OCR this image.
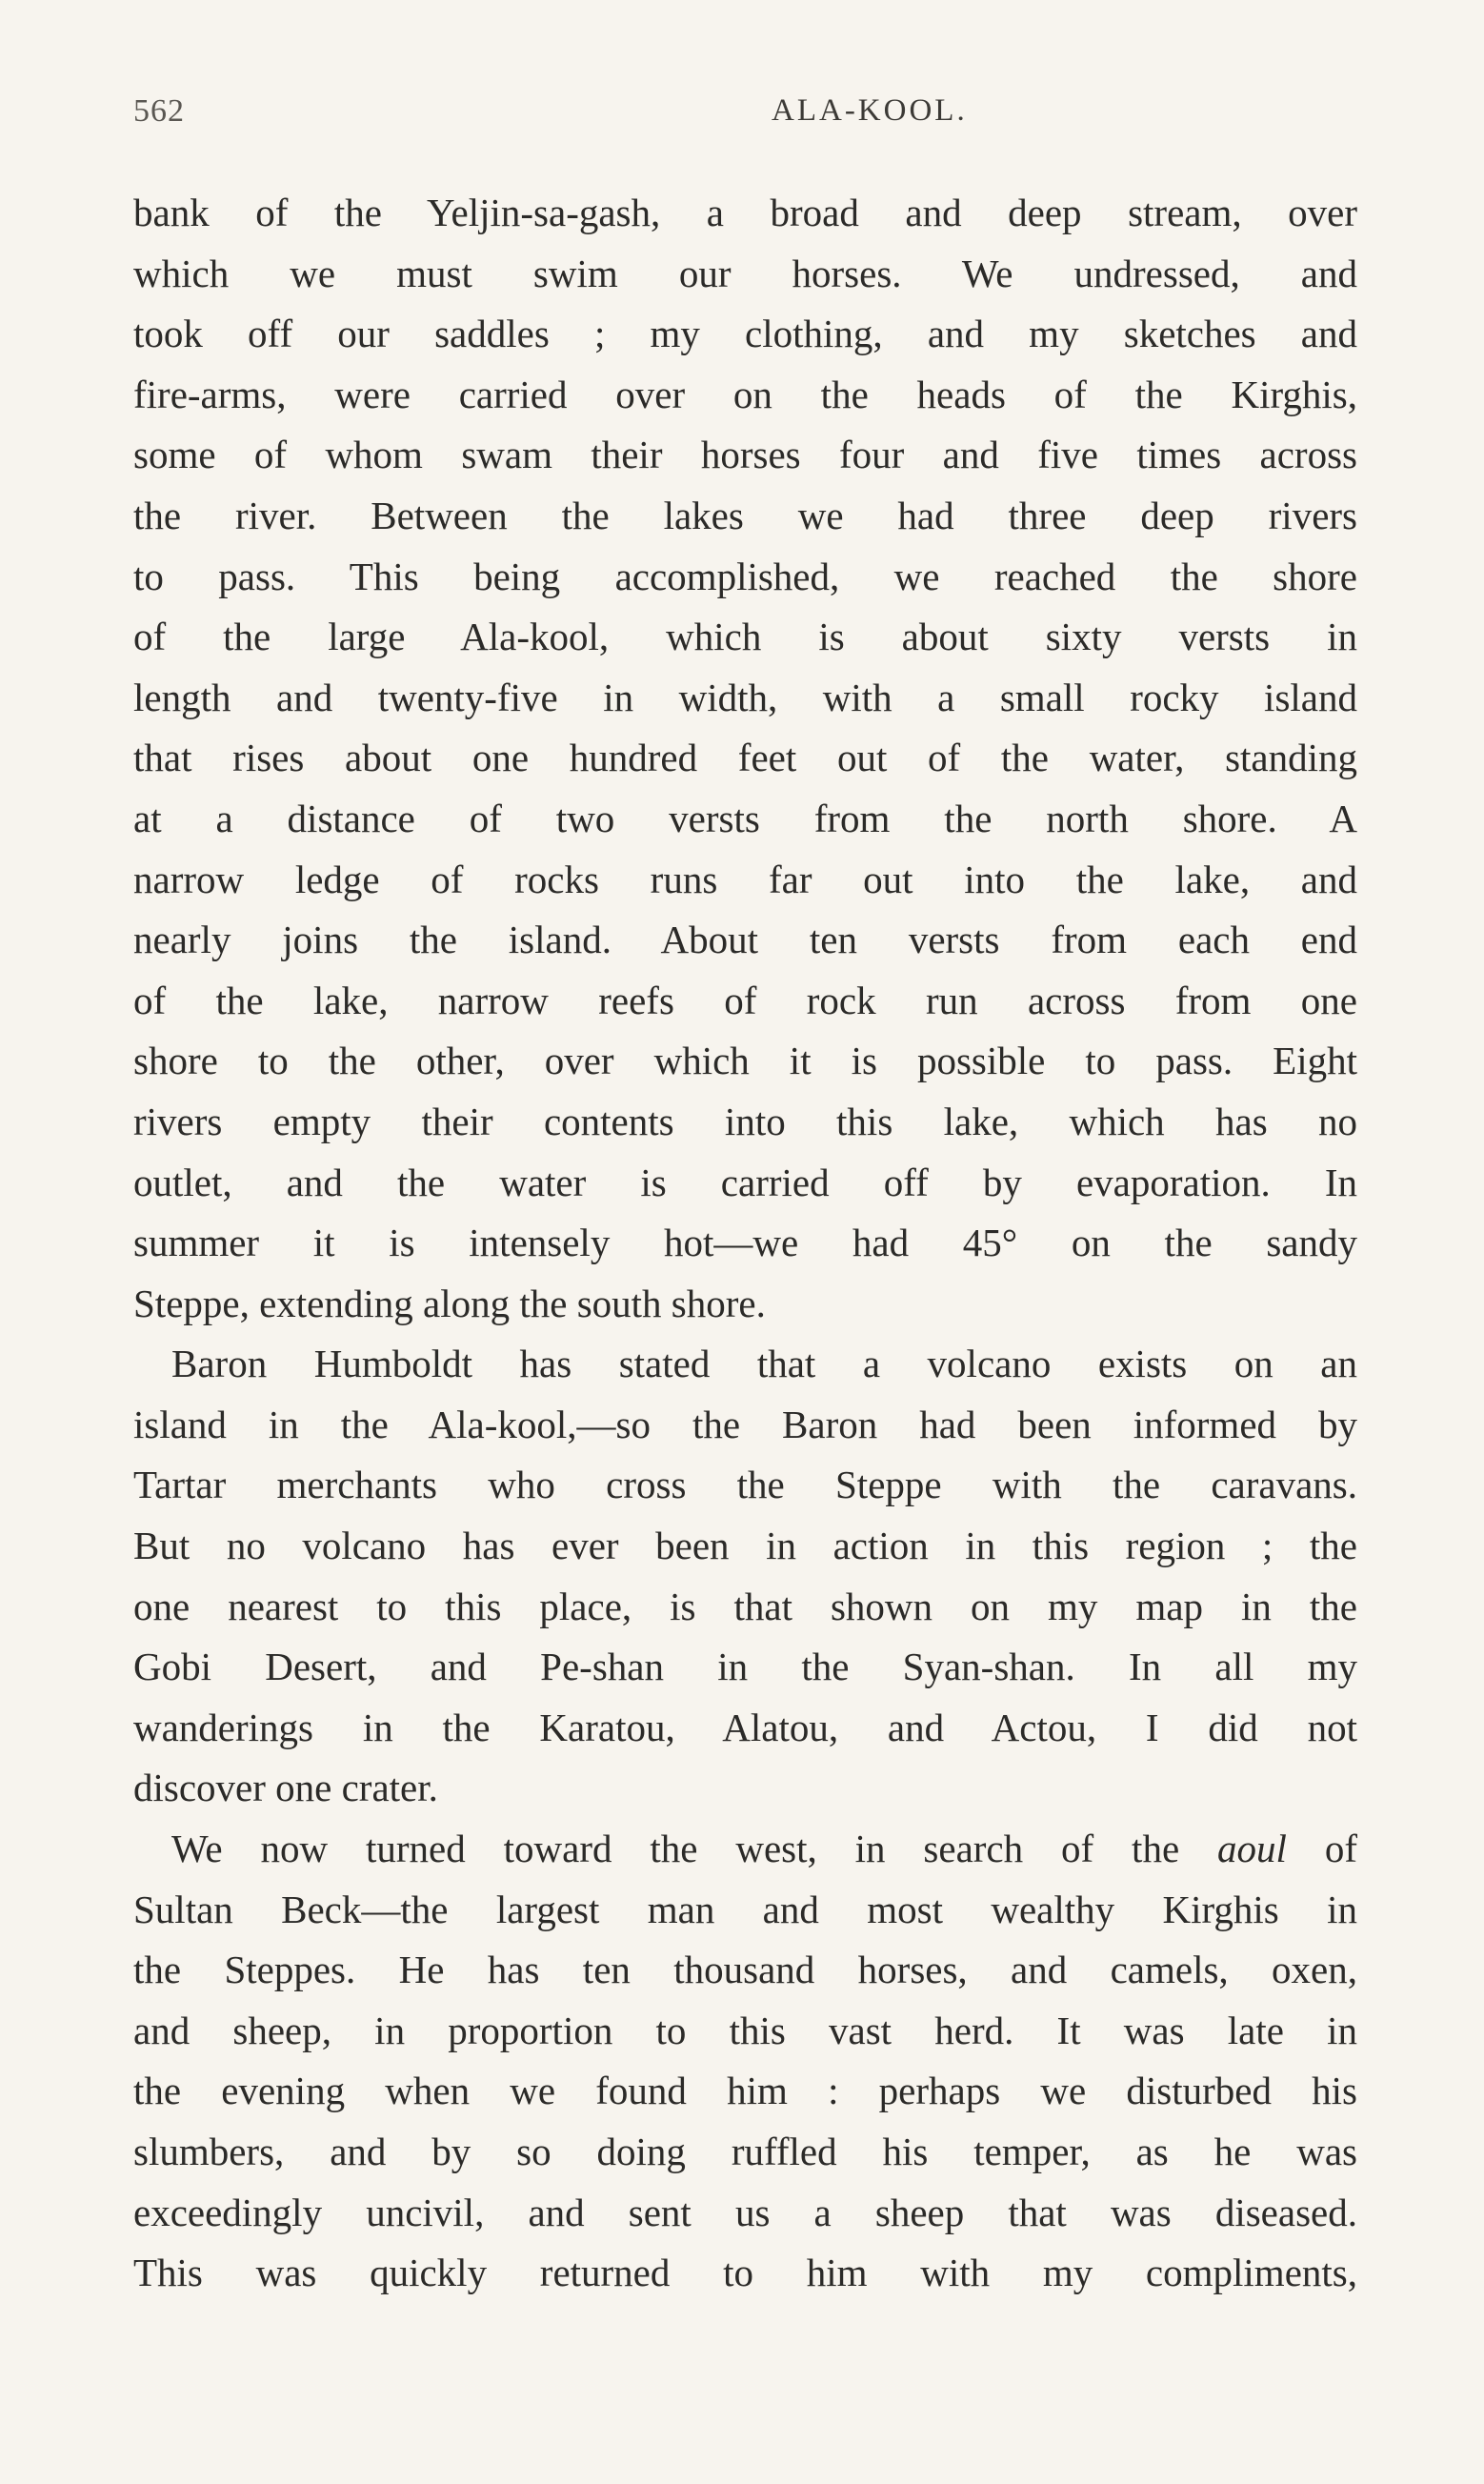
562	ALA-KOOL.
bank of the Yeljin-sa-gash, a broad and deep stream, over
which we must swim our horses. We undressed, and
took off our saddles ; my clothing, and my sketches and
fire-arms, were carried over on the heads of the Kirghis,
some of whom swam their horses four and five times across
the river. Between the lakes we had three deep rivers
to pass. This being accomplished, we reached the shore
of the large Ala-kool, which is about sixty versts in
length and twenty-five in width, with a small rocky island
that rises about one hundred feet out of the water, standing
at a distance of two versts from the north shore. A
narrow ledge of rocks runs far out into the lake, and
nearly joins the island. About ten versts from each end
of the lake, narrow reefs of rock run across from one
shore to the other, over which it is possible to pass. Eight
rivers empty their contents into this lake, which has no
outlet, and the water is carried off by evaporation. In
summer it is intensely hot—we had 45° on the sandy
Steppe, extending along the south shore.
Baron Humboldt has stated that a volcano exists on an
island in the Ala-kool,—so the Baron had been informed by
Tartar merchants who cross the Steppe with the caravans.
But no volcano has ever been in action in this region ; the
one nearest to this place, is that shown on my map in the
Gobi Desert, and Pe-shan in the Syan-shan. In all my
wanderings in the Karatou, Alatou, and Actou, I did not
discover one crater.
We now turned toward the west, in search of the aoul of
Sultan Beck—the largest man and most wealthy Kirghis in
the Steppes. He has ten thousand horses, and camels, oxen,
and sheep, in proportion to this vast herd. It was late in
the evening when we found him : perhaps we disturbed his
slumbers, and by so doing ruffled his temper, as he was
exceedingly uncivil, and sent us a sheep that was diseased.
This was quickly returned to him with my compliments,
